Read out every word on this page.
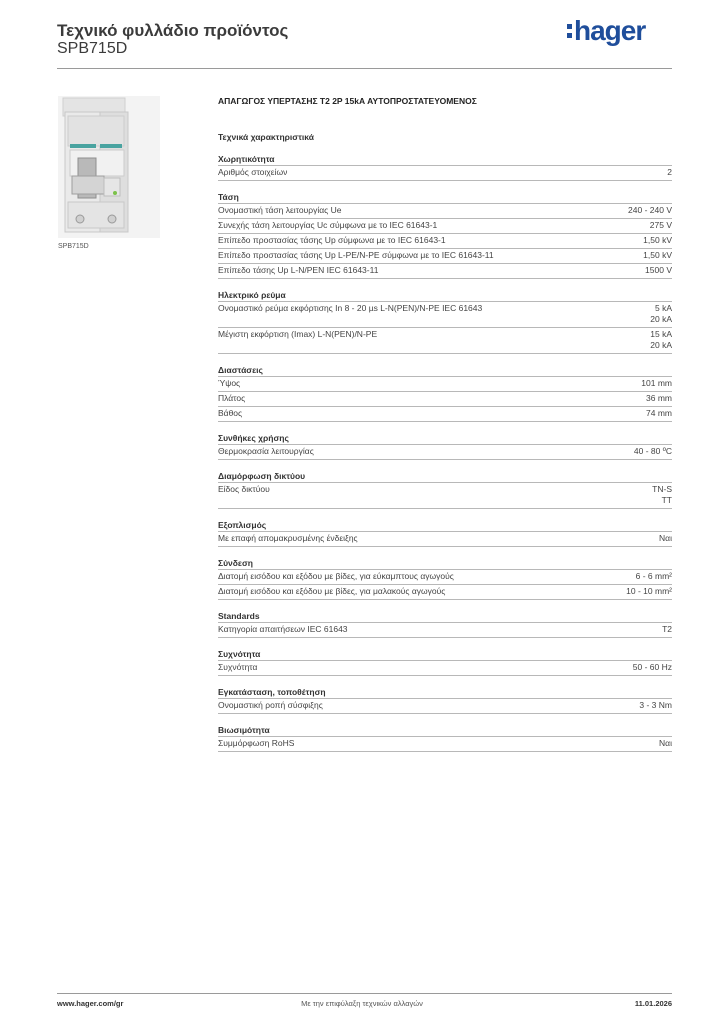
Τεχνικό φυλλάδιο προϊόντος
SPB715D
hager
SPB715D
ΑΠΑΓΩΓΟΣ ΥΠΕΡΤΑΣΗΣ T2 2P 15kA ΑΥΤΟΠΡΟΣΤΑΤΕΥΟΜΕΝΟΣ
Τεχνικά χαρακτηριστικά
Χωρητικότητα
Αριθμός στοιχείων	2
Τάση
Ονομαστική τάση λειτουργίας Ue	240 - 240 V
Συνεχής τάση λειτουργίας Uc σύμφωνα με το IEC 61643-1	275 V
Επίπεδο προστασίας τάσης Up σύμφωνα με το IEC 61643-1	1,50 kV
Επίπεδο προστασίας τάσης Up L-PE/N-PE σύμφωνα με το IEC 61643-11	1,50 kV
Επίπεδο τάσης Up L-N/PEN IEC 61643-11	1500 V
Ηλεκτρικό ρεύμα
Ονομαστικό ρεύμα εκφόρτισης In 8 - 20 µs L-N(PEN)/N-PE IEC 61643	5 kA
20 kA
Μέγιστη εκφόρτιση (Imax) L-N(PEN)/N-PE	15 kA
20 kA
Διαστάσεις
Ύψος	101 mm
Πλάτος	36 mm
Βάθος	74 mm
Συνθήκες χρήσης
Θερμοκρασία λειτουργίας	40 - 80 ºC
Διαμόρφωση δικτύου
Είδος δικτύου	TN-S
TT
Εξοπλισμός
Με επαφή απομακρυσμένης ένδειξης	Ναι
Σύνδεση
Διατομή εισόδου και εξόδου με βίδες, για εύκαμπτους αγωγούς	6 - 6 mm²
Διατομή εισόδου και εξόδου με βίδες, για μαλακούς αγωγούς	10 - 10 mm²
Standards
Κατηγορία απαιτήσεων IEC 61643	T2
Συχνότητα
Συχνότητα	50 - 60 Hz
Εγκατάσταση, τοποθέτηση
Ονομαστική ροπή σύσφιξης	3 - 3 Nm
Βιωσιμότητα
Συμμόρφωση RoHS	Ναι
www.hager.com/gr	Με την επιφύλαξη τεχνικών αλλαγών	11.01.2026
